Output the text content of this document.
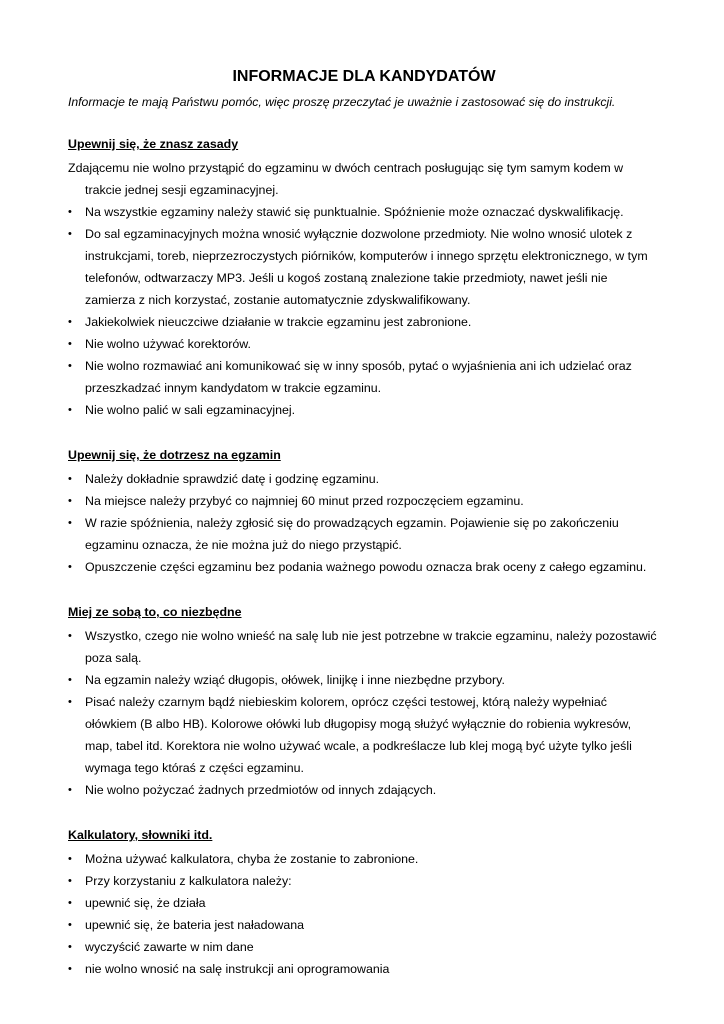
INFORMACJE DLA KANDYDATÓW

Informacje te mają Państwu pomóc, więc proszę przeczytać je uważnie i zastosować się do instrukcji.

Upewnij się, że znasz zasady

Zdającemu nie wolno przystąpić do egzaminu w dwóch centrach posługując się tym samym kodem w trakcie jednej sesji egzaminacyjnej.

• Na wszystkie egzaminy należy stawić się punktualnie. Spóźnienie może oznaczać dyskwalifikację.
• Do sal egzaminacyjnych można wnosić wyłącznie dozwolone przedmioty. Nie wolno wnosić ulotek z instrukcjami, toreb, nieprzezroczystych piórników, komputerów i innego sprzętu elektronicznego, w tym telefonów, odtwarzaczy MP3. Jeśli u kogoś zostaną znalezione takie przedmioty, nawet jeśli nie zamierza z nich korzystać, zostanie automatycznie zdyskwalifikowany.
• Jakiekolwiek nieuczciwe działanie w trakcie egzaminu jest zabronione.
• Nie wolno używać korektorów.
• Nie wolno rozmawiać ani komunikować się w inny sposób, pytać o wyjaśnienia ani ich udzielać oraz przeszkadzać innym kandydatom w trakcie egzaminu.
• Nie wolno palić w sali egzaminacyjnej.
Upewnij się, że dotrzesz na egzamin
• Należy dokładnie sprawdzić datę i godzinę egzaminu.
• Na miejsce należy przybyć co najmniej 60 minut przed rozpoczęciem egzaminu.
• W razie spóźnienia, należy zgłosić się do prowadzących egzamin. Pojawienie się po zakończeniu egzaminu oznacza, że nie można już do niego przystąpić.
• Opuszczenie części egzaminu bez podania ważnego powodu oznacza brak oceny z całego egzaminu.
Miej ze sobą to, co niezbędne
• Wszystko, czego nie wolno wnieść na salę lub nie jest potrzebne w trakcie egzaminu, należy pozostawić poza salą.
• Na egzamin należy wziąć długopis, ołówek, linijkę i inne niezbędne przybory.
• Pisać należy czarnym bądź niebieskim kolorem, oprócz części testowej, którą należy wypełniać ołówkiem (B albo HB). Kolorowe ołówki lub długopisy mogą służyć wyłącznie do robienia wykresów, map, tabel itd. Korektora nie wolno używać wcale, a podkreślacze lub klej mogą być użyte tylko jeśli wymaga tego któraś z części egzaminu.
• Nie wolno pożyczać żadnych przedmiotów od innych zdających.
Kalkulatory, słowniki itd.
• Można używać kalkulatora, chyba że zostanie to zabronione.
• Przy korzystaniu z kalkulatora należy:
• upewnić się, że działa
• upewnić się, że bateria jest naładowana
• wyczyścić zawarte w nim dane
• nie wolno wnosić na salę instrukcji ani oprogramowania
